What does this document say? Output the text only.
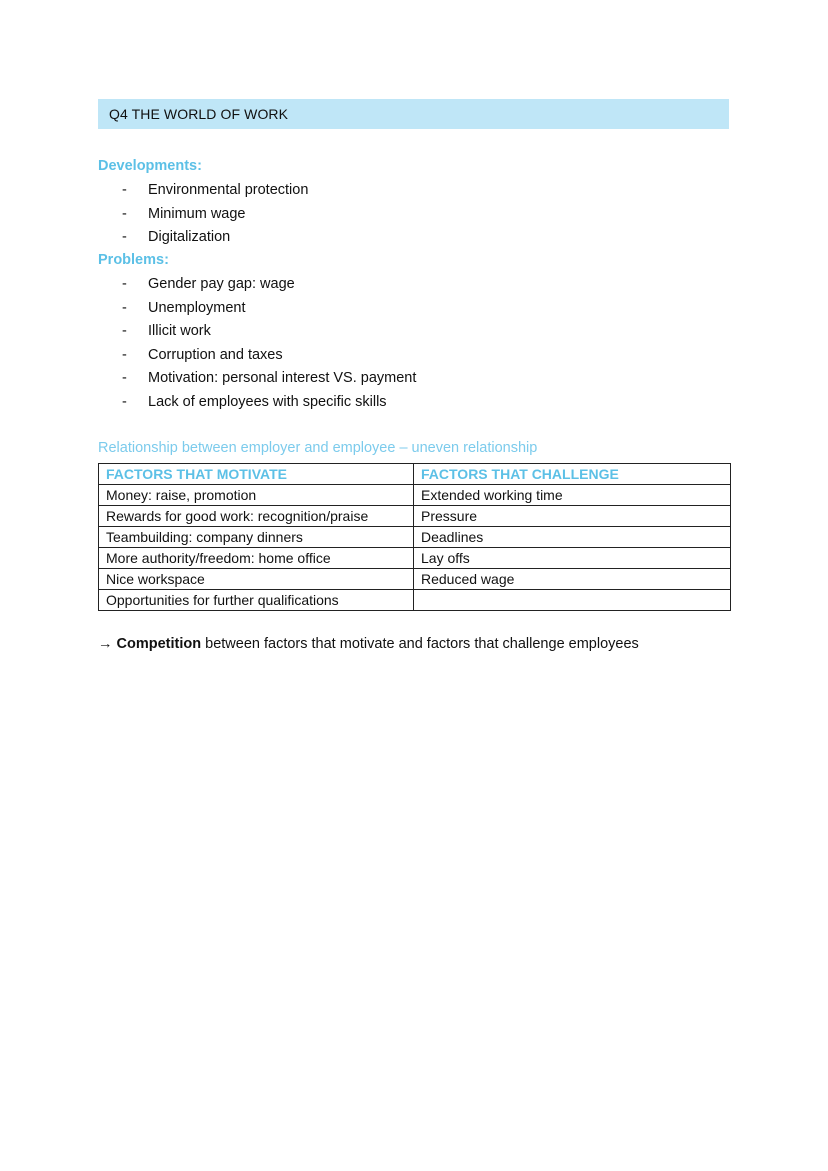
Q4 THE WORLD OF WORK
Developments:
- Environmental protection
- Minimum wage
- Digitalization
Problems:
- Gender pay gap: wage
- Unemployment
- Illicit work
- Corruption and taxes
- Motivation: personal interest VS. payment
- Lack of employees with specific skills
Relationship between employer and employee – uneven relationship
FACTORS THAT MOTIVATE	FACTORS THAT CHALLENGE
Money: raise, promotion	Extended working time
Rewards for good work: recognition/praise	Pressure
Teambuilding: company dinners	Deadlines
More authority/freedom: home office	Lay offs
Nice workspace	Reduced wage
Opportunities for further qualifications	
→ Competition between factors that motivate and factors that challenge employees
